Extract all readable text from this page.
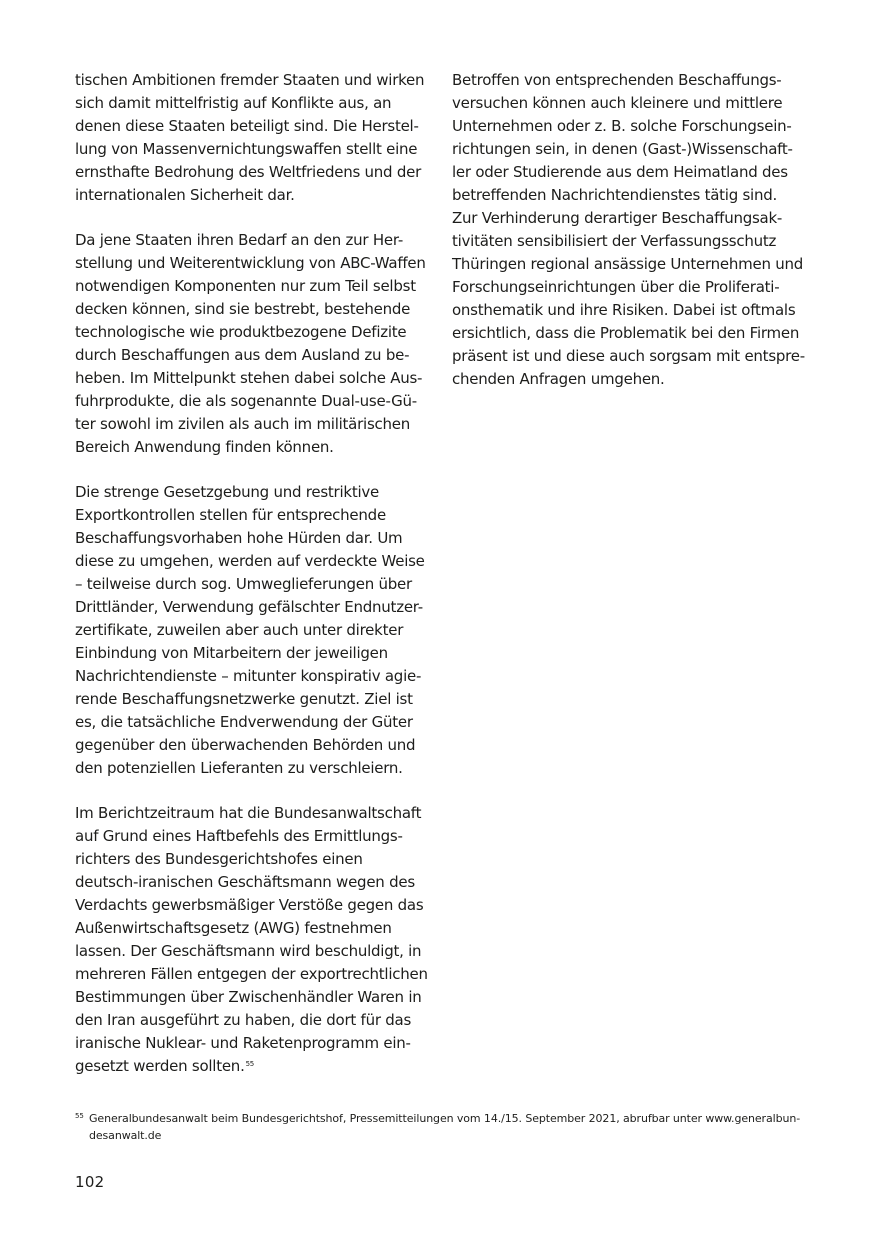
tischen Ambitionen fremder Staaten und wirken
sich damit mittelfristig auf Konflikte aus, an
denen diese Staaten beteiligt sind. Die Herstel-
lung von Massenvernichtungswaffen stellt eine
ernsthafte Bedrohung des Weltfriedens und der
internationalen Sicherheit dar.

Da jene Staaten ihren Bedarf an den zur Her-
stellung und Weiterentwicklung von ABC-Waffen
notwendigen Komponenten nur zum Teil selbst
decken können, sind sie bestrebt, bestehende
technologische wie produktbezogene Defizite
durch Beschaffungen aus dem Ausland zu be-
heben. Im Mittelpunkt stehen dabei solche Aus-
fuhrprodukte, die als sogenannte Dual-use-Gü-
ter sowohl im zivilen als auch im militärischen
Bereich Anwendung finden können.

Die strenge Gesetzgebung und restriktive
Exportkontrollen stellen für entsprechende
Beschaffungsvorhaben hohe Hürden dar. Um
diese zu umgehen, werden auf verdeckte Weise
– teilweise durch sog. Umweglieferungen über
Drittländer, Verwendung gefälschter Endnutzer-
zertifikate, zuweilen aber auch unter direkter
Einbindung von Mitarbeitern der jeweiligen
Nachrichtendienste – mitunter konspirativ agie-
rende Beschaffungsnetzwerke genutzt. Ziel ist
es, die tatsächliche Endverwendung der Güter
gegenüber den überwachenden Behörden und
den potenziellen Lieferanten zu verschleiern.

Im Berichtzeitraum hat die Bundesanwaltschaft
auf Grund eines Haftbefehls des Ermittlungs-
richters des Bundesgerichtshofes einen
deutsch-iranischen Geschäftsmann wegen des
Verdachts gewerbsmäßiger Verstöße gegen das
Außenwirtschaftsgesetz (AWG) festnehmen
lassen. Der Geschäftsmann wird beschuldigt, in
mehreren Fällen entgegen der exportrechtlichen
Bestimmungen über Zwischenhändler Waren in
den Iran ausgeführt zu haben, die dort für das
iranische Nuklear- und Raketenprogramm ein-
gesetzt werden sollten.$^{55}$

Betroffen von entsprechenden Beschaffungs-
versuchen können auch kleinere und mittlere
Unternehmen oder z. B. solche Forschungsein-
richtungen sein, in denen (Gast-)Wissenschaft-
ler oder Studierende aus dem Heimatland des
betreffenden Nachrichtendienstes tätig sind.
Zur Verhinderung derartiger Beschaffungsak-
tivitäten sensibilisiert der Verfassungsschutz
Thüringen regional ansässige Unternehmen und
Forschungseinrichtungen über die Proliferati-
onsthematik und ihre Risiken. Dabei ist oftmals
ersichtlich, dass die Problematik bei den Firmen
präsent ist und diese auch sorgsam mit entspre-
chenden Anfragen umgehen.

55 Generalbundesanwalt beim Bundesgerichtshof, Pressemitteilungen vom 14./15. September 2021, abrufbar unter www.generalbun-
desanwalt.de
102
